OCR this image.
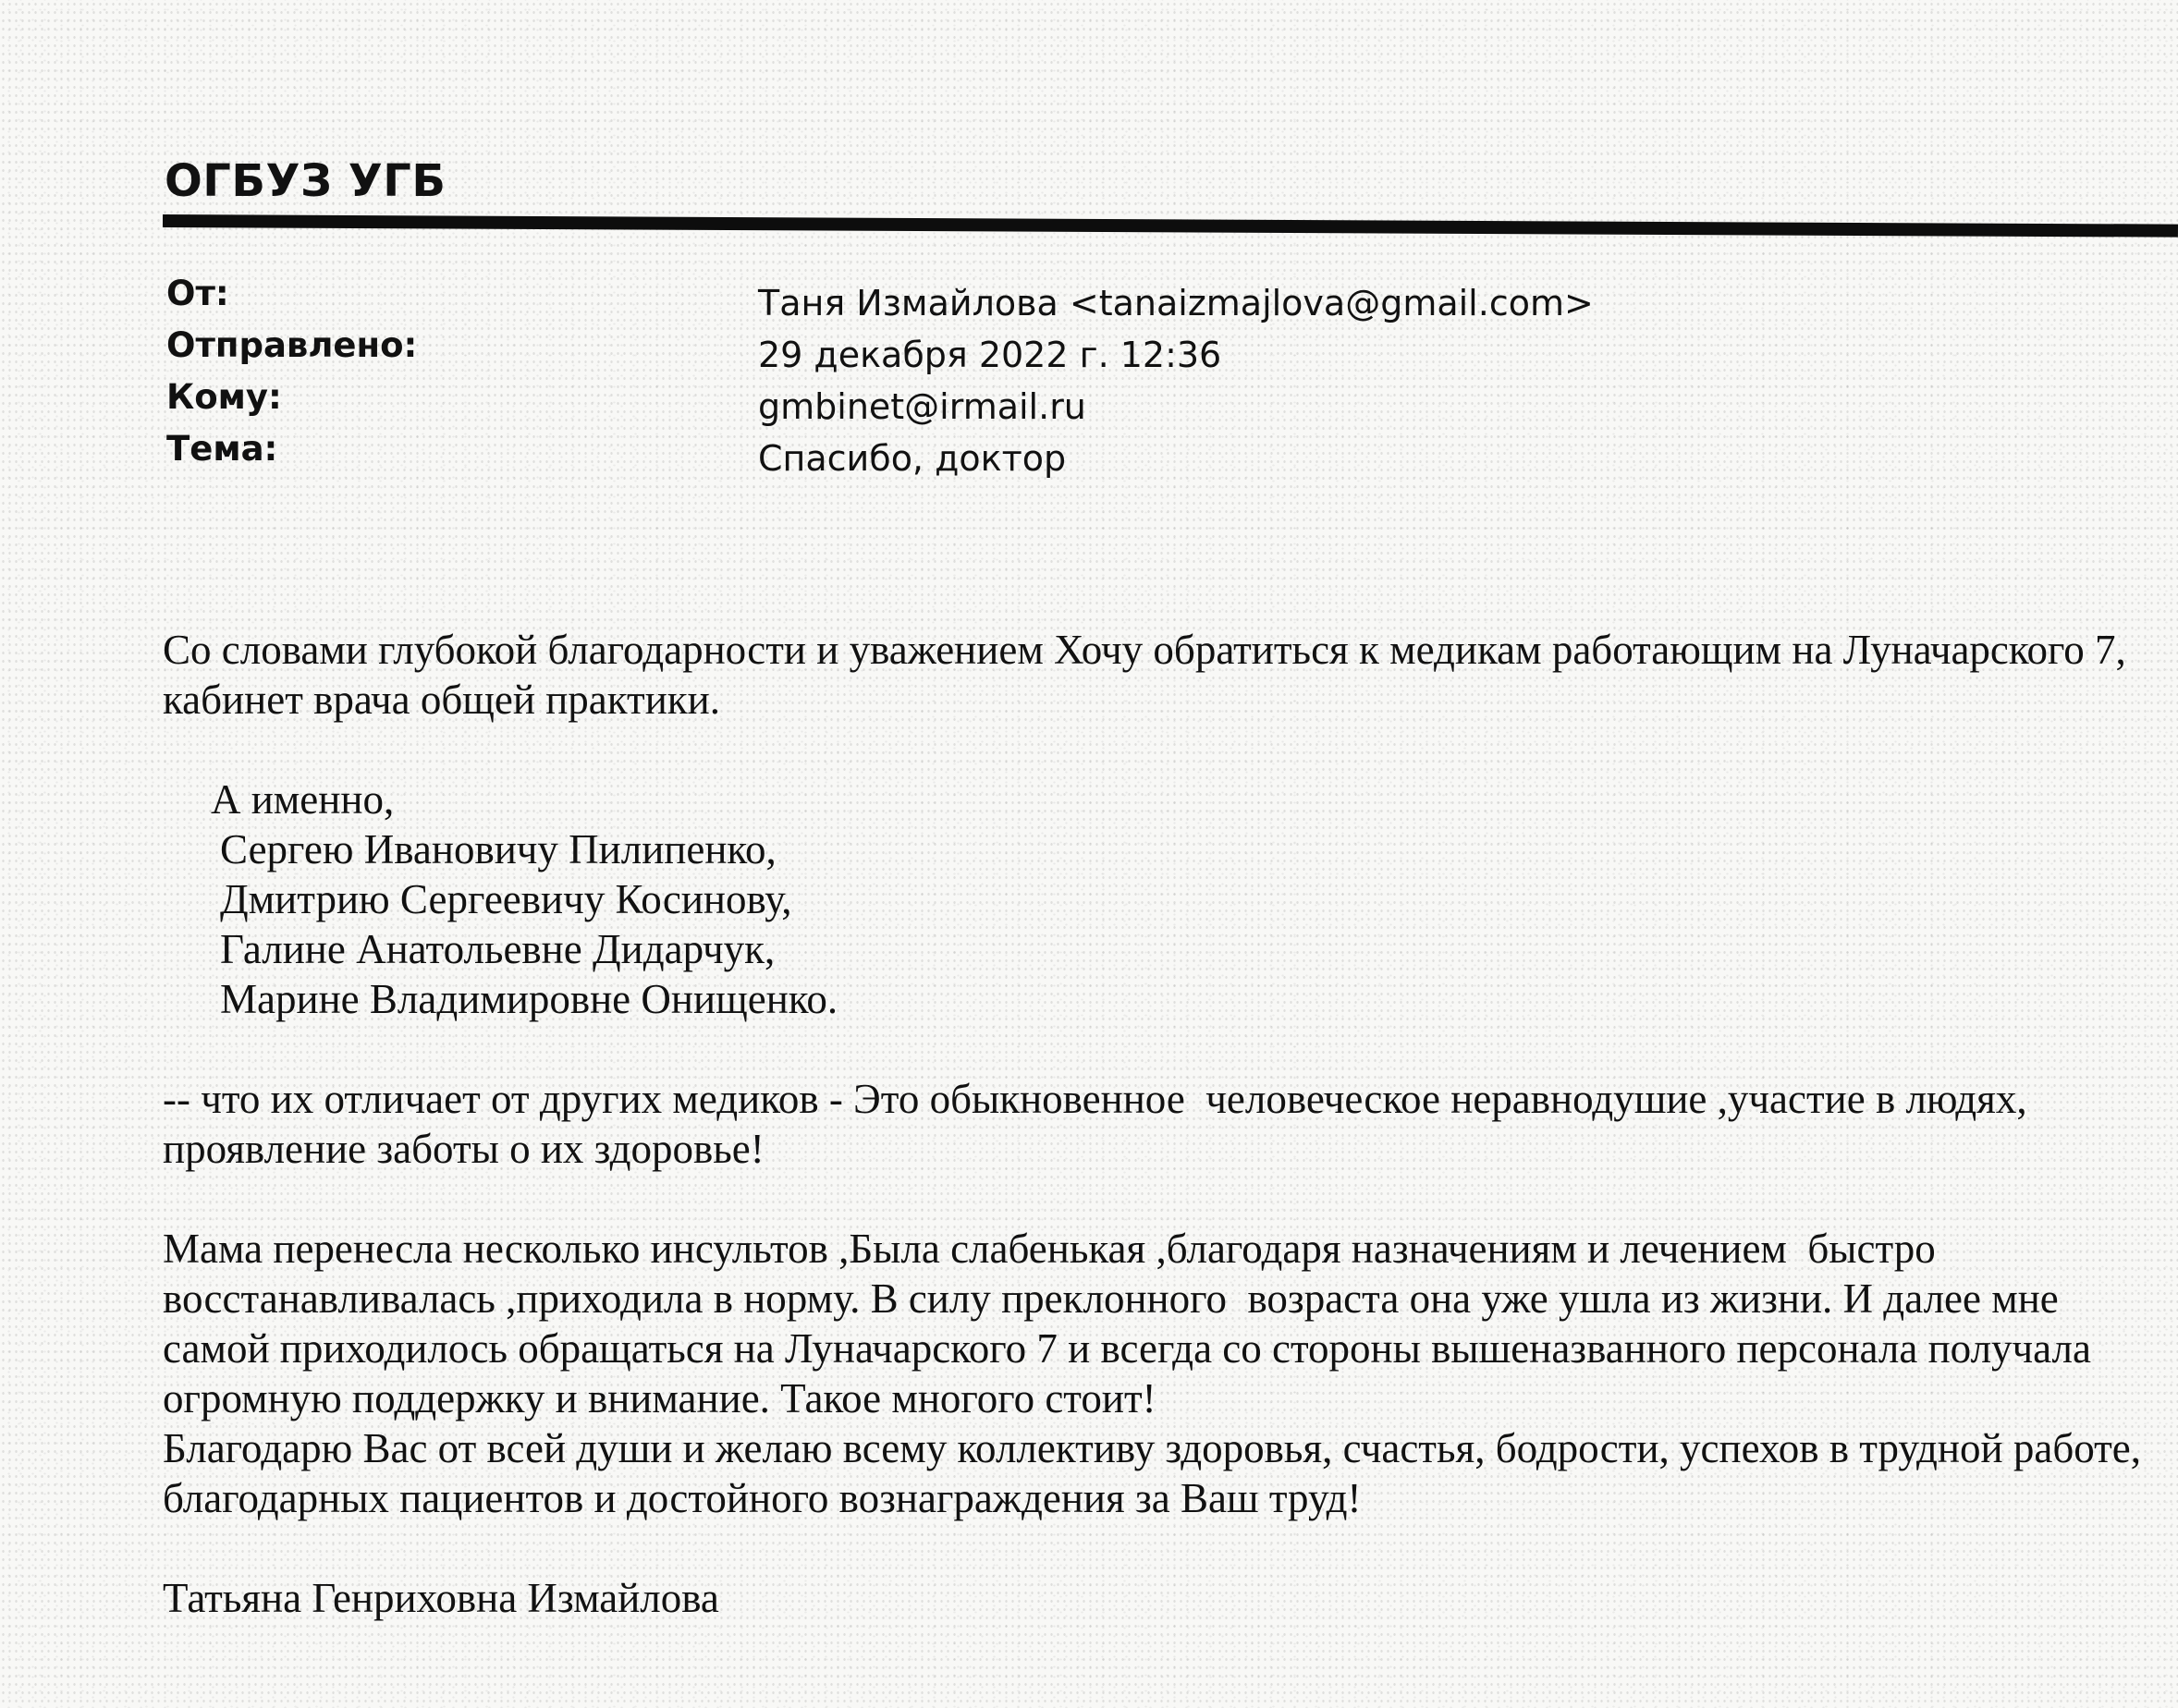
ОГБУЗ УГБ
От:	Таня Измайлова <tanaizmajlova@gmail.com>
Отправлено:	29 декабря 2022 г. 12:36
Кому:	gmbinet@irmail.ru
Тема:	Спасибо, доктор

Со словами глубокой благодарности и уважением Хочу обратиться к медикам работающим на Луначарского 7, кабинет врача общей практики.

А именно,
Сергею Ивановичу Пилипенко,
Дмитрию Сергеевичу Косинову,
Галине Анатольевне Дидарчук,
Марине Владимировне Онищенко.

-- что их отличает от других медиков - Это обыкновенное  человеческое неравнодушие ,участие в людях, проявление заботы о их здоровье!

Мама перенесла несколько инсультов ,Была слабенькая ,благодаря назначениям и лечением  быстро восстанавливалась ,приходила в норму. В силу преклонного  возраста она уже ушла из жизни. И далее мне самой приходилось обращаться на Луначарского 7 и всегда со стороны вышеназванного персонала получала огромную поддержку и внимание. Такое многого стоит!

Благодарю Вас от всей души и желаю всему коллективу здоровья, счастья, бодрости, успехов в трудной работе, благодарных пациентов и достойного вознаграждения за Ваш труд!

Татьяна Генриховна Измайлова
